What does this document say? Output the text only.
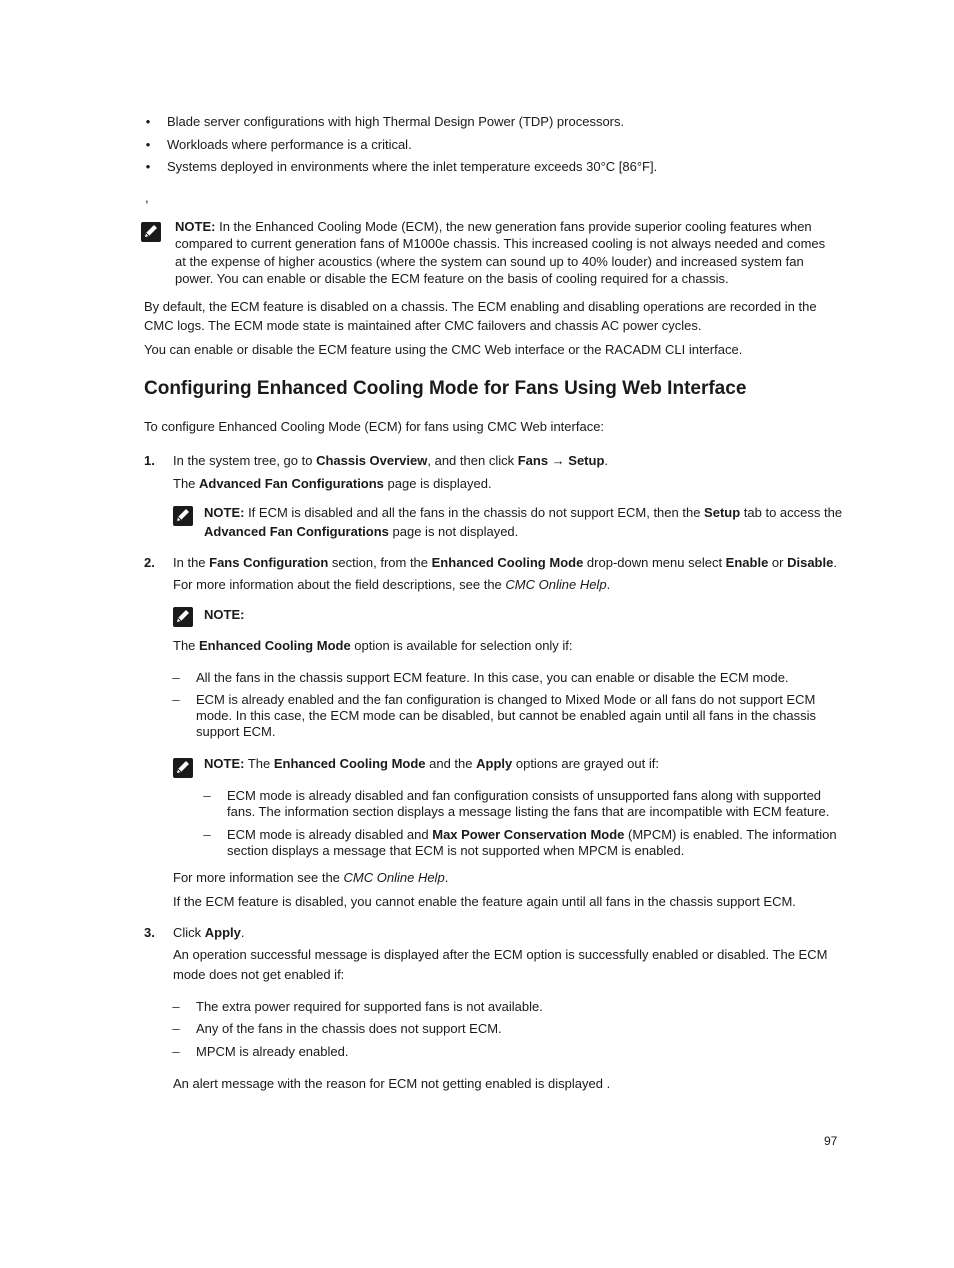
• Blade server configurations with high Thermal Design Power (TDP) processors.
• Workloads where performance is a critical.
• Systems deployed in environments where the inlet temperature exceeds 30°C [86°F].
,
NOTE: In the Enhanced Cooling Mode (ECM), the new generation fans provide superior cooling features when
compared to current generation fans of M1000e chassis. This increased cooling is not always needed and comes
at the expense of higher acoustics (where the system can sound up to 40% louder) and increased system fan
power. You can enable or disable the ECM feature on the basis of cooling required for a chassis.
By default, the ECM feature is disabled on a chassis. The ECM enabling and disabling operations are recorded in the
CMC logs. The ECM mode state is maintained after CMC failovers and chassis AC power cycles.
You can enable or disable the ECM feature using the CMC Web interface or the RACADM CLI interface.
Configuring Enhanced Cooling Mode for Fans Using Web Interface
To configure Enhanced Cooling Mode (ECM) for fans using CMC Web interface:
1. In the system tree, go to Chassis Overview, and then click Fans → Setup.
The Advanced Fan Configurations page is displayed.
NOTE: If ECM is disabled and all the fans in the chassis do not support ECM, then the Setup tab to access the
Advanced Fan Configurations page is not displayed.
2. In the Fans Configuration section, from the Enhanced Cooling Mode drop-down menu select Enable or Disable.
For more information about the field descriptions, see the CMC Online Help.
NOTE:
The Enhanced Cooling Mode option is available for selection only if:
– All the fans in the chassis support ECM feature. In this case, you can enable or disable the ECM mode.
– ECM is already enabled and the fan configuration is changed to Mixed Mode or all fans do not support ECM
mode. In this case, the ECM mode can be disabled, but cannot be enabled again until all fans in the chassis
support ECM.
NOTE: The Enhanced Cooling Mode and the Apply options are grayed out if:
– ECM mode is already disabled and fan configuration consists of unsupported fans along with supported
fans. The information section displays a message listing the fans that are incompatible with ECM feature.
– ECM mode is already disabled and Max Power Conservation Mode (MPCM) is enabled. The information
section displays a message that ECM is not supported when MPCM is enabled.
For more information see the CMC Online Help.
If the ECM feature is disabled, you cannot enable the feature again until all fans in the chassis support ECM.
3. Click Apply.
An operation successful message is displayed after the ECM option is successfully enabled or disabled. The ECM
mode does not get enabled if:
– The extra power required for supported fans is not available.
– Any of the fans in the chassis does not support ECM.
– MPCM is already enabled.
An alert message with the reason for ECM not getting enabled is displayed .
97
